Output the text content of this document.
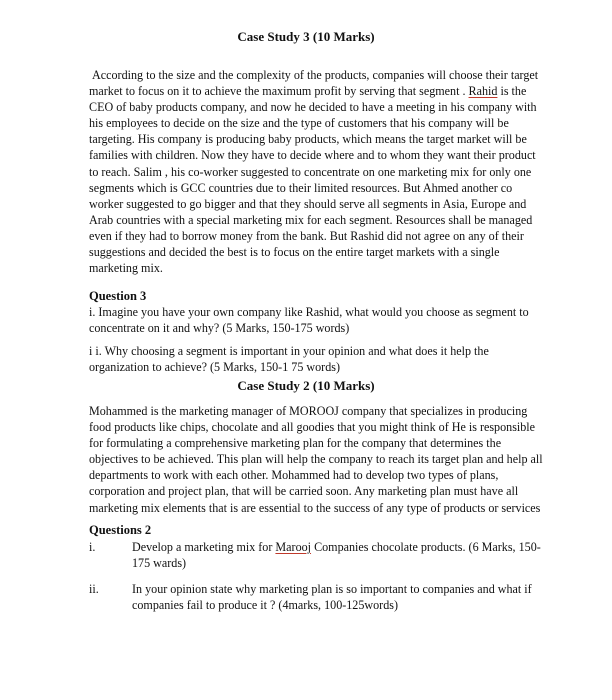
Case Study 3 (10 Marks)
According to the size and the complexity of the products, companies will choose their target
market to focus on it to achieve the maximum profit by serving that segment . Rahid is the
CEO of baby products company, and now he decided to have a meeting in his company with
his employees to decide on the size and the type of customers that his company will be
targeting. His company is producing baby products, which means the target market will be
families with children. Now they have to decide where and to whom they want their product
to reach. Salim , his co-worker suggested to concentrate on one marketing mix for only one
segments which is GCC countries due to their limited resources. But Ahmed another co
worker suggested to go bigger and that they should serve all segments in Asia, Europe and
Arab countries with a special marketing mix for each segment. Resources shall be managed
even if they had to borrow money from the bank. But Rashid did not agree on any of their
suggestions and decided the best is to focus on the entire target markets with a single
marketing mix.
Question 3
i. Imagine you have your own company like Rashid, what would you choose as segment to
concentrate on it and why? (5 Marks, 150-175 words)
i i. Why choosing a segment is important in your opinion and what does it help the
organization to achieve? (5 Marks, 150-1 75 words)
Case Study 2 (10 Marks)
Mohammed is the marketing manager of MOROOJ company that specializes in producing
food products like chips, chocolate and all goodies that you might think of He is responsible
for formulating a comprehensive marketing plan for the company that determines the
objectives to be achieved. This plan will help the company to reach its target plan and help all
departments to work with each other. Mohammed had to develop two types of plans,
corporation and project plan, that will be carried soon. Any marketing plan must have all
marketing mix elements that is are essential to the success of any type of products or services
Questions 2
i.	Develop a marketing mix for Marooj Companies chocolate products. (6 Marks, 150-
175 wards)
ii.	In your opinion state why marketing plan is so important to companies and what if
companies fail to produce it ? (4marks, 100-125words)
